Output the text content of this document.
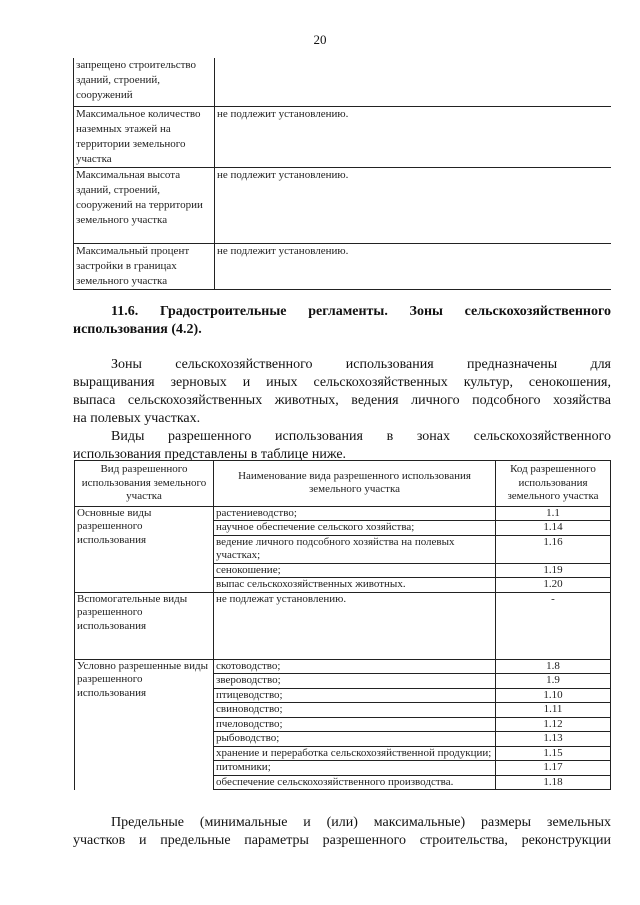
20
запрещено строительство зданий, строений, сооружений	
Максимальное количество наземных этажей на территории земельного участка	не подлежит установлению.
Максимальная высота зданий, строений, сооружений на территории земельного участка	не подлежит установлению.
Максимальный процент застройки в границах земельного участка	не подлежит установлению.
11.6. Градостроительные регламенты. Зоны сельскохозяйственного
использования (4.2).

Зоны сельскохозяйственного использования предназначены для
выращивания зерновых и иных сельскохозяйственных культур, сенокошения,
выпаса сельскохозяйственных животных, ведения личного подсобного хозяйства
на полевых участках.

Виды разрешенного использования в зонах сельскохозяйственного
использования представлены в таблице ниже.

Вид разрешенного использования земельного участка	Наименование вида разрешенного использования земельного участка	Код разрешенного использования земельного участка
Основные виды разрешенного использования	растениеводство;	1.1
	научное обеспечение сельского хозяйства;	1.14
	ведение личного подсобного хозяйства на полевых участках;	1.16
	сенокошение;	1.19
	выпас сельскохозяйственных животных.	1.20
Вспомогательные виды разрешенного использования	не подлежат установлению.	-

Условно разрешенные виды разрешенного использования	скотоводство;	1.8
	звероводство;	1.9
	птицеводство;	1.10
	свиноводство;	1.11
	пчеловодство;	1.12
	рыбоводство;	1.13
	хранение и переработка сельскохозяйственной продукции;	1.15
	питомники;	1.17
	обеспечение сельскохозяйственного производства.	1.18

Предельные (минимальные и (или) максимальные) размеры земельных
участков и предельные параметры разрешенного строительства, реконструкции
